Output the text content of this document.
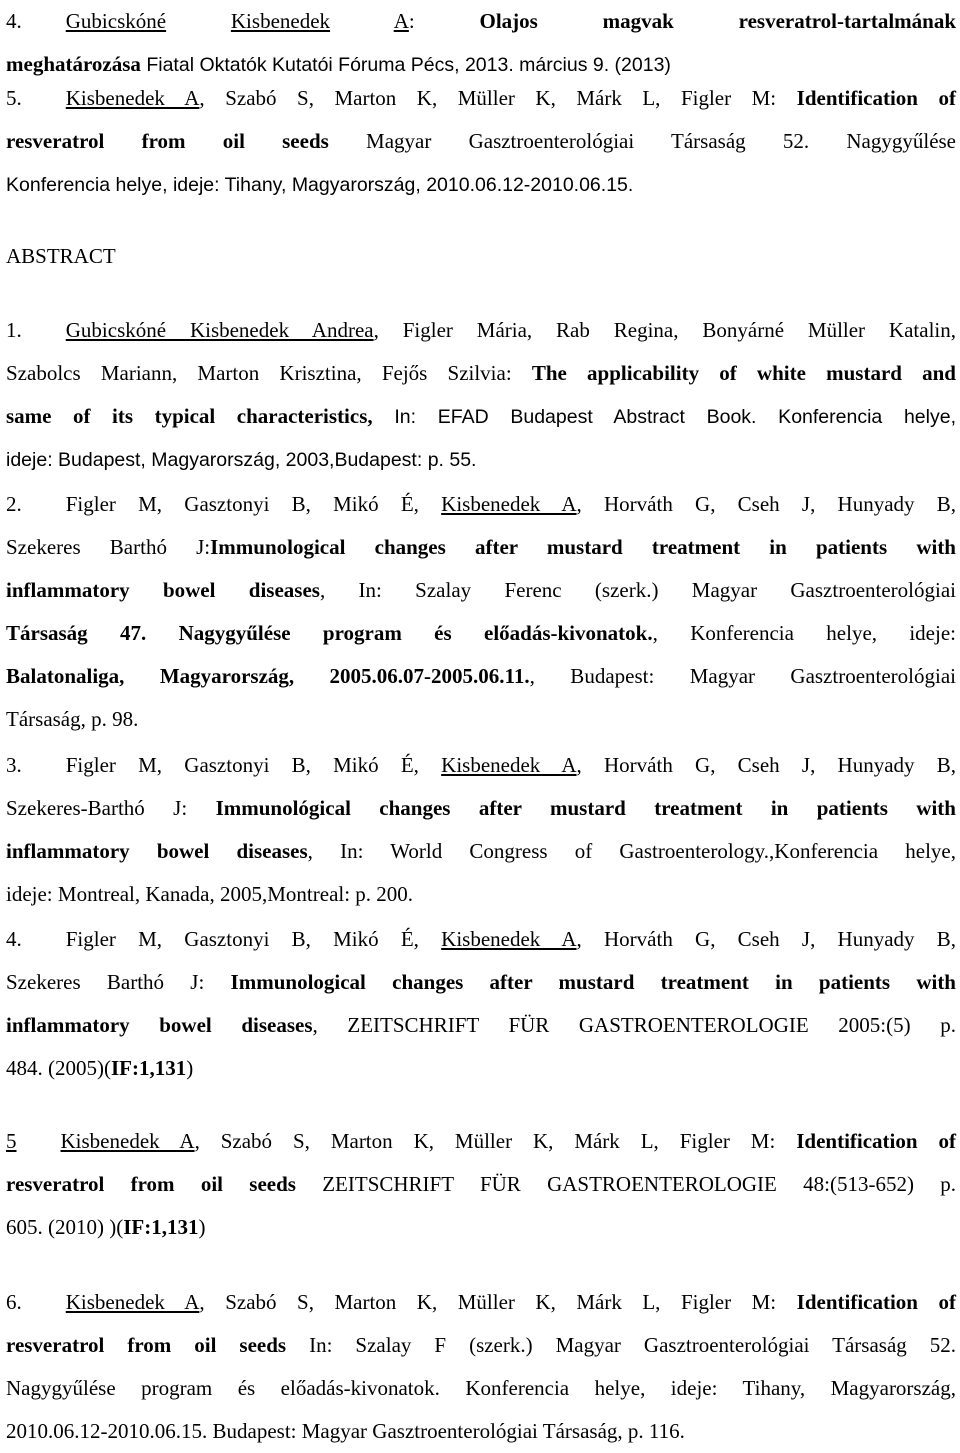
ABSTRACT
4. Gubicskóné	Kisbenedek	A: Olajos	magvak	resveratrol-tartalmának
meghatározása Fiatal Oktatók Kutatói Fóruma Pécs, 2013. március 9. (2013)
5. Kisbenedek A, Szabó S, Marton K, Müller K, Márk L, Figler M: Identification of
resveratrol from oil seeds Magyar Gasztroenterológiai Társaság 52. Nagygyűlése
Konferencia helye, ideje: Tihany, Magyarország, 2010.06.12-2010.06.15.
1. Gubicskóné Kisbenedek Andrea, Figler Mária, Rab Regina, Bonyárné Müller Katalin,
Szabolcs Mariann, Marton Krisztina, Fejős Szilvia: The applicability of white mustard and
same of its typical characteristics, In: EFAD Budapest Abstract Book. Konferencia helye,
ideje: Budapest, Magyarország, 2003,Budapest: p. 55.
2. Figler M, Gasztonyi B, Mikó É, Kisbenedek A, Horváth G, Cseh J, Hunyady B,
Szekeres Barthó J:Immunological changes after mustard treatment in patients with
inflammatory bowel diseases, In: Szalay Ferenc (szerk.) Magyar Gasztroenterológiai
Társaság 47. Nagygyűlése program és előadás-kivonatok., Konferencia helye, ideje:
Balatonaliga, Magyarország, 2005.06.07-2005.06.11., Budapest: Magyar Gasztroenterológiai
Társaság, p. 98.
3. Figler M, Gasztonyi B, Mikó É, Kisbenedek A, Horváth G, Cseh J, Hunyady B,
Szekeres-Barthó J: Immunológical changes after mustard treatment in patients with
inflammatory bowel diseases, In: World Congress of Gastroenterology.,Konferencia helye,
ideje: Montreal, Kanada, 2005,Montreal: p. 200.
4. Figler M, Gasztonyi B, Mikó É, Kisbenedek A, Horváth G, Cseh J, Hunyady B,
Szekeres Barthó J: Immunological changes after mustard treatment in patients with
inflammatory bowel diseases, ZEITSCHRIFT FÜR GASTROENTEROLOGIE 2005:(5) p.
484. (2005)(IF:1,131)
5 Kisbenedek A, Szabó S, Marton K, Müller K, Márk L, Figler M: Identification of
resveratrol from oil seeds ZEITSCHRIFT FÜR GASTROENTEROLOGIE 48:(513-652) p.
605. (2010) )(IF:1,131)
6. Kisbenedek A, Szabó S, Marton K, Müller K, Márk L, Figler M: Identification of
resveratrol from oil seeds In: Szalay F (szerk.) Magyar Gasztroenterológiai Társaság 52.
Nagygyűlése program és előadás-kivonatok. Konferencia helye, ideje: Tihany, Magyarország,
2010.06.12-2010.06.15. Budapest: Magyar Gasztroenterológiai Társaság, p. 116.
